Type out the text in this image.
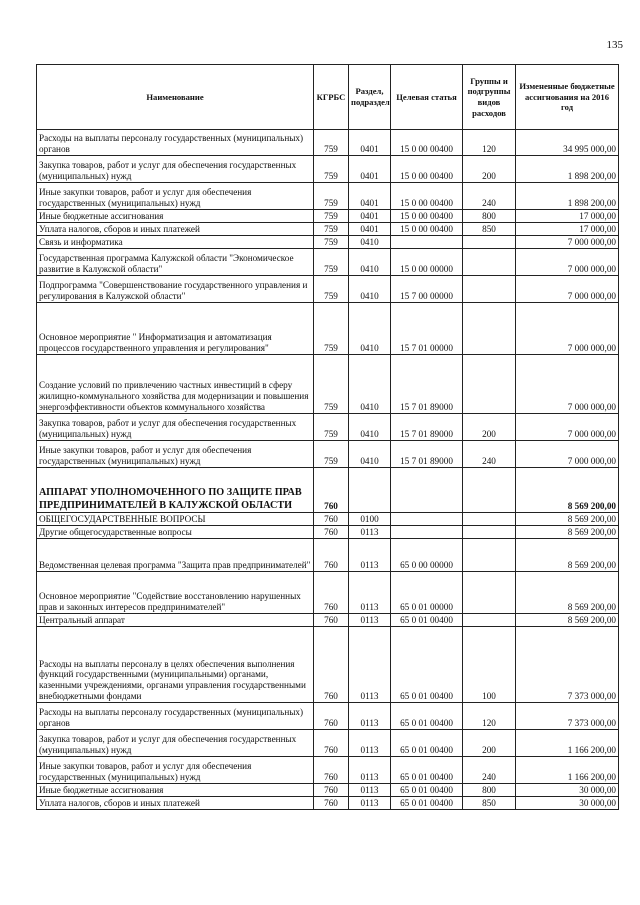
135
Наименование	КГРБС	Раздел, подраздел	Целевая статья	Группы и подгруппы видов расходов	Измененные бюджетные ассигнования на 2016 год
Расходы на выплаты персоналу государственных (муниципальных) органов	759	0401	15 0 00 00400	120	34 995 000,00
Закупка товаров, работ и услуг для обеспечения государственных (муниципальных) нужд	759	0401	15 0 00 00400	200	1 898 200,00
Иные закупки товаров, работ и услуг для обеспечения государственных (муниципальных) нужд	759	0401	15 0 00 00400	240	1 898 200,00
Иные бюджетные ассигнования	759	0401	15 0 00 00400	800	17 000,00
Уплата налогов, сборов и иных платежей	759	0401	15 0 00 00400	850	17 000,00
Связь и информатика	759	0410			7 000 000,00
Государственная программа Калужской области "Экономическое развитие в Калужской области"	759	0410	15 0 00 00000		7 000 000,00
Подпрограмма "Совершенствование государственного управления и регулирования в Калужской области"	759	0410	15 7 00 00000		7 000 000,00
Основное мероприятие " Информатизация и автоматизация процессов государственного управления и регулирования"	759	0410	15 7 01 00000		7 000 000,00
Создание условий по привлечению частных инвестиций в сферу жилищно-коммунального хозяйства для модернизации и повышения энергоэффективности объектов коммунального хозяйства	759	0410	15 7 01 89000		7 000 000,00
Закупка товаров, работ и услуг для обеспечения государственных (муниципальных) нужд	759	0410	15 7 01 89000	200	7 000 000,00
Иные закупки товаров, работ и услуг для обеспечения государственных (муниципальных) нужд	759	0410	15 7 01 89000	240	7 000 000,00
АППАРАТ УПОЛНОМОЧЕННОГО ПО ЗАЩИТЕ ПРАВ ПРЕДПРИНИМАТЕЛЕЙ В КАЛУЖСКОЙ ОБЛАСТИ	760				8 569 200,00
ОБЩЕГОСУДАРСТВЕННЫЕ ВОПРОСЫ	760	0100			8 569 200,00
Другие общегосударственные вопросы	760	0113			8 569 200,00
Ведомственная целевая программа "Защита прав предпринимателей"	760	0113	65 0 00 00000		8 569 200,00
Основное мероприятие "Содействие восстановлению нарушенных прав и законных интересов предпринимателей"	760	0113	65 0 01 00000		8 569 200,00
Центральный аппарат	760	0113	65 0 01 00400		8 569 200,00
Расходы на выплаты персоналу в целях обеспечения выполнения функций государственными (муниципальными) органами, казенными учреждениями, органами управления государственными внебюджетными фондами	760	0113	65 0 01 00400	100	7 373 000,00
Расходы на выплаты персоналу государственных (муниципальных) органов	760	0113	65 0 01 00400	120	7 373 000,00
Закупка товаров, работ и услуг для обеспечения государственных (муниципальных) нужд	760	0113	65 0 01 00400	200	1 166 200,00
Иные закупки товаров, работ и услуг для обеспечения государственных (муниципальных) нужд	760	0113	65 0 01 00400	240	1 166 200,00
Иные бюджетные ассигнования	760	0113	65 0 01 00400	800	30 000,00
Уплата налогов, сборов и иных платежей	760	0113	65 0 01 00400	850	30 000,00
